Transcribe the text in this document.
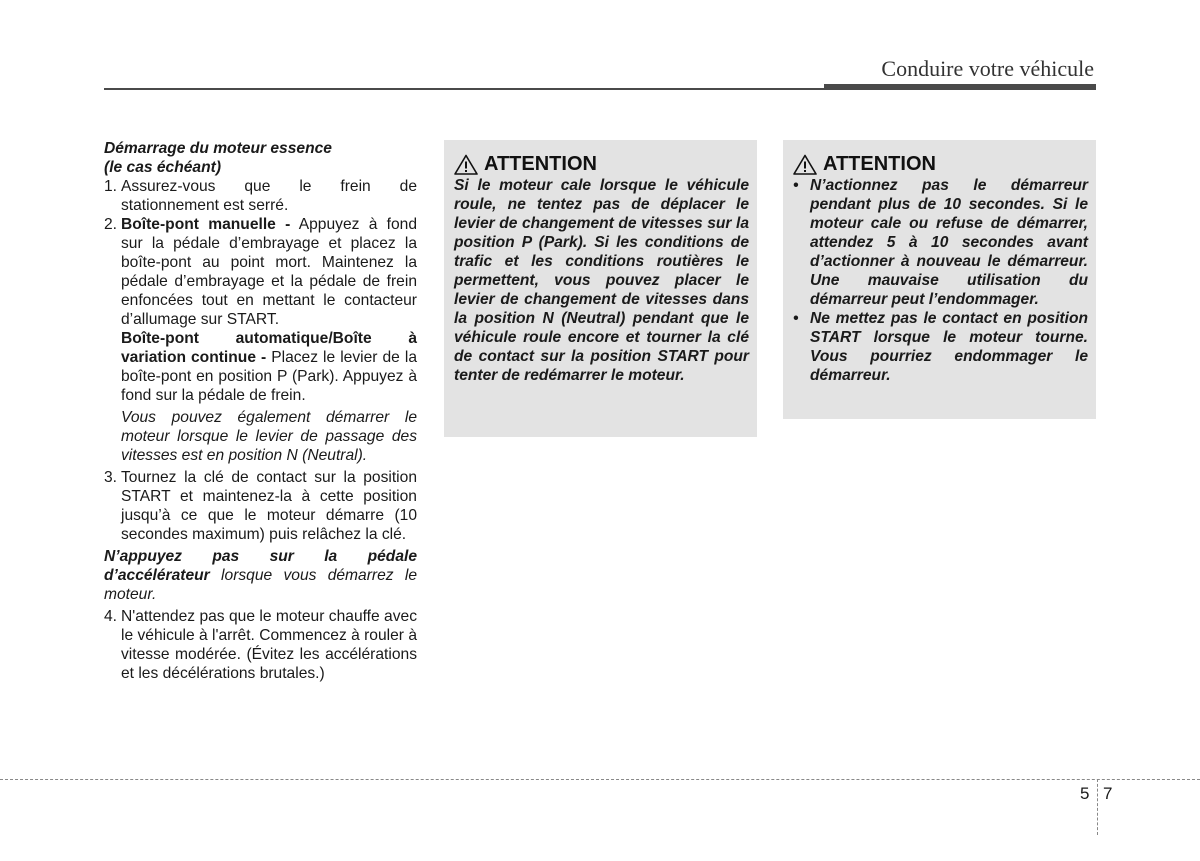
Conduire votre véhicule

Démarrage du moteur essence

(le cas échéant)

1. Assurez-vous que le frein de stationnement est serré.
2. Boîte-pont manuelle - Appuyez à fond sur la pédale d’embrayage et placez la boîte-pont au point mort. Maintenez la pédale d’embrayage et la pédale de frein enfoncées tout en mettant le contacteur d’allumage sur START.
Boîte-pont automatique/Boîte à variation continue - Placez le levier de la boîte-pont en position P (Park). Appuyez à fond sur la pédale de frein.
Vous pouvez également démarrer le moteur lorsque le levier de passage des vitesses est en position N (Neutral).
3. Tournez la clé de contact sur la position START et maintenez-la à cette position jusqu’à ce que le moteur démarre (10 secondes maximum) puis relâchez la clé.

N’appuyez pas sur la pédale d’accélérateur lorsque vous démarrez le moteur.

4. N'attendez pas que le moteur chauffe avec le véhicule à l'arrêt. Commencez à rouler à vitesse modérée. (Évitez les accélérations et les décélérations brutales.)
ATTENTION
Si le moteur cale lorsque le véhicule roule, ne tentez pas de déplacer le levier de changement de vitesses sur la position P (Park). Si les conditions de trafic et les conditions routières le permettent, vous pouvez placer le levier de changement de vitesses dans la position N (Neutral) pendant que le véhicule roule encore et tourner la clé de contact sur la position START pour tenter de redémarrer le moteur.
ATTENTION
• N’actionnez pas le démarreur pendant plus de 10 secondes. Si le moteur cale ou refuse de démarrer, attendez 5 à 10 secondes avant d’actionner à nouveau le démarreur. Une mauvaise utilisation du démarreur peut l’endommager.
• Ne mettez pas le contact en position START lorsque le moteur tourne. Vous pourriez endommager le démarreur.
5 7
